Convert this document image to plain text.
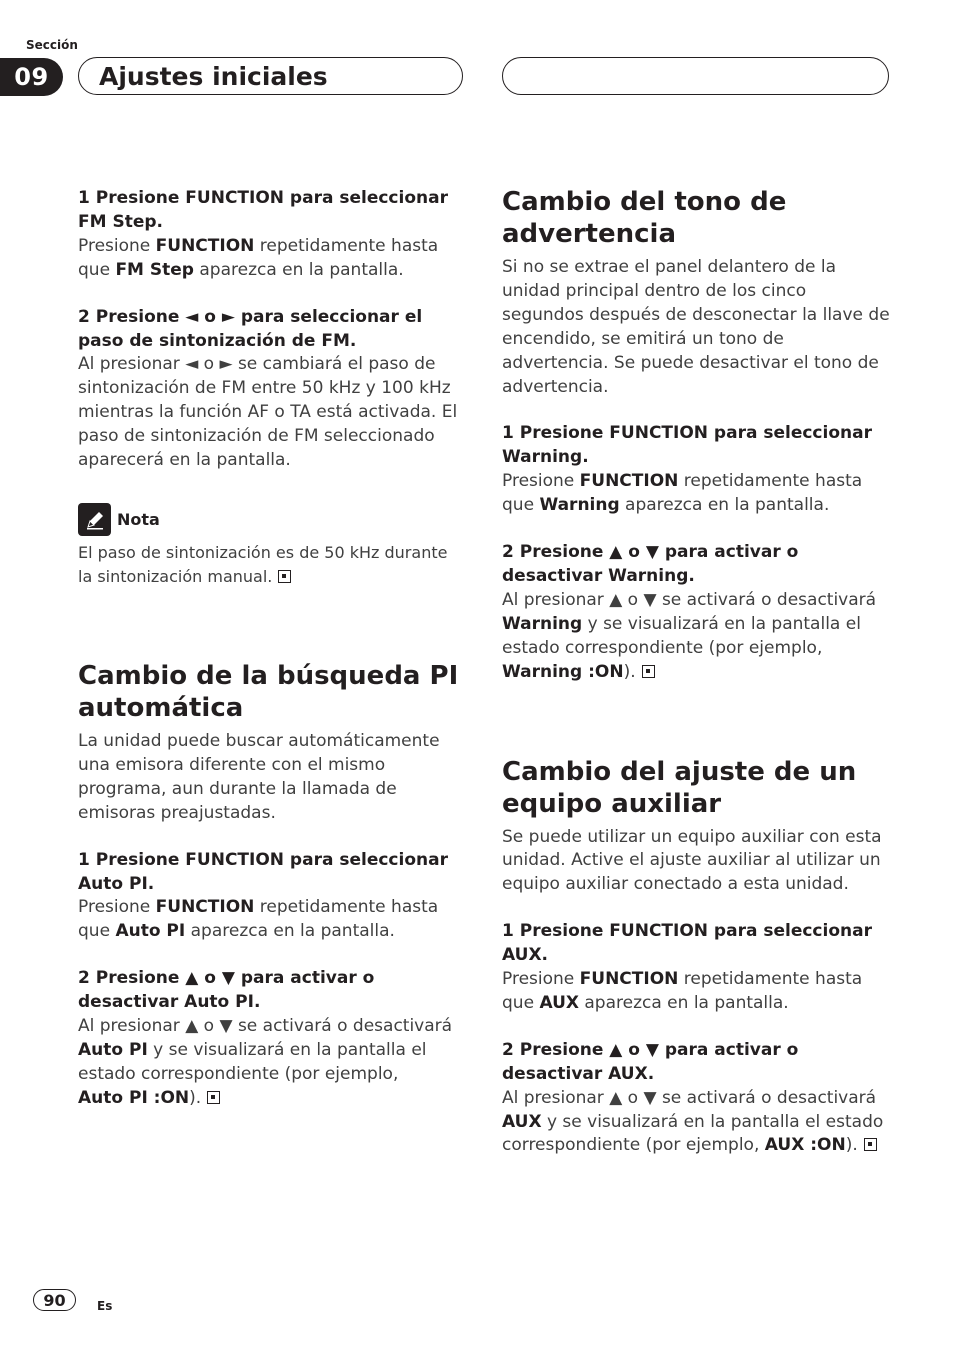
Sección
09	Ajustes iniciales

1 Presione FUNCTION para seleccionar
FM Step.

Presione FUNCTION repetidamente hasta que FM Step aparezca en la pantalla.

2 Presione ◄ o ► para seleccionar el paso de sintonización de FM.

Al presionar ◄ o ► se cambiará el paso de sintonización de FM entre 50 kHz y 100 kHz mientras la función AF o TA está activada. El paso de sintonización de FM seleccionado aparecerá en la pantalla.

Nota

El paso de sintonización es de 50 kHz durante la sintonización manual.

Cambio de la búsqueda PI automática

La unidad puede buscar automáticamente una emisora diferente con el mismo programa, aun durante la llamada de emisoras preajustadas.

1 Presione FUNCTION para seleccionar
Auto PI.

Presione FUNCTION repetidamente hasta que Auto PI aparezca en la pantalla.

2 Presione ▲ o ▼ para activar o desactivar Auto PI.

Al presionar ▲ o ▼ se activará o desactivará Auto PI y se visualizará en la pantalla el estado correspondiente (por ejemplo,
Auto PI :ON).

Cambio del tono de advertencia

Si no se extrae el panel delantero de la unidad principal dentro de los cinco segundos después de desconectar la llave de encendido, se emitirá un tono de advertencia. Se puede desactivar el tono de advertencia.

1 Presione FUNCTION para seleccionar
Warning.

Presione FUNCTION repetidamente hasta que Warning aparezca en la pantalla.

2 Presione ▲ o ▼ para activar o desactivar Warning.

Al presionar ▲ o ▼ se activará o desactivará Warning y se visualizará en la pantalla el estado correspondiente (por ejemplo,
Warning :ON).

Cambio del ajuste de un equipo auxiliar

Se puede utilizar un equipo auxiliar con esta unidad. Active el ajuste auxiliar al utilizar un equipo auxiliar conectado a esta unidad.

1 Presione FUNCTION para seleccionar
AUX.

Presione FUNCTION repetidamente hasta que AUX aparezca en la pantalla.

2 Presione ▲ o ▼ para activar o desactivar AUX.

Al presionar ▲ o ▼ se activará o desactivará AUX y se visualizará en la pantalla el estado correspondiente (por ejemplo, AUX :ON).

90	Es
